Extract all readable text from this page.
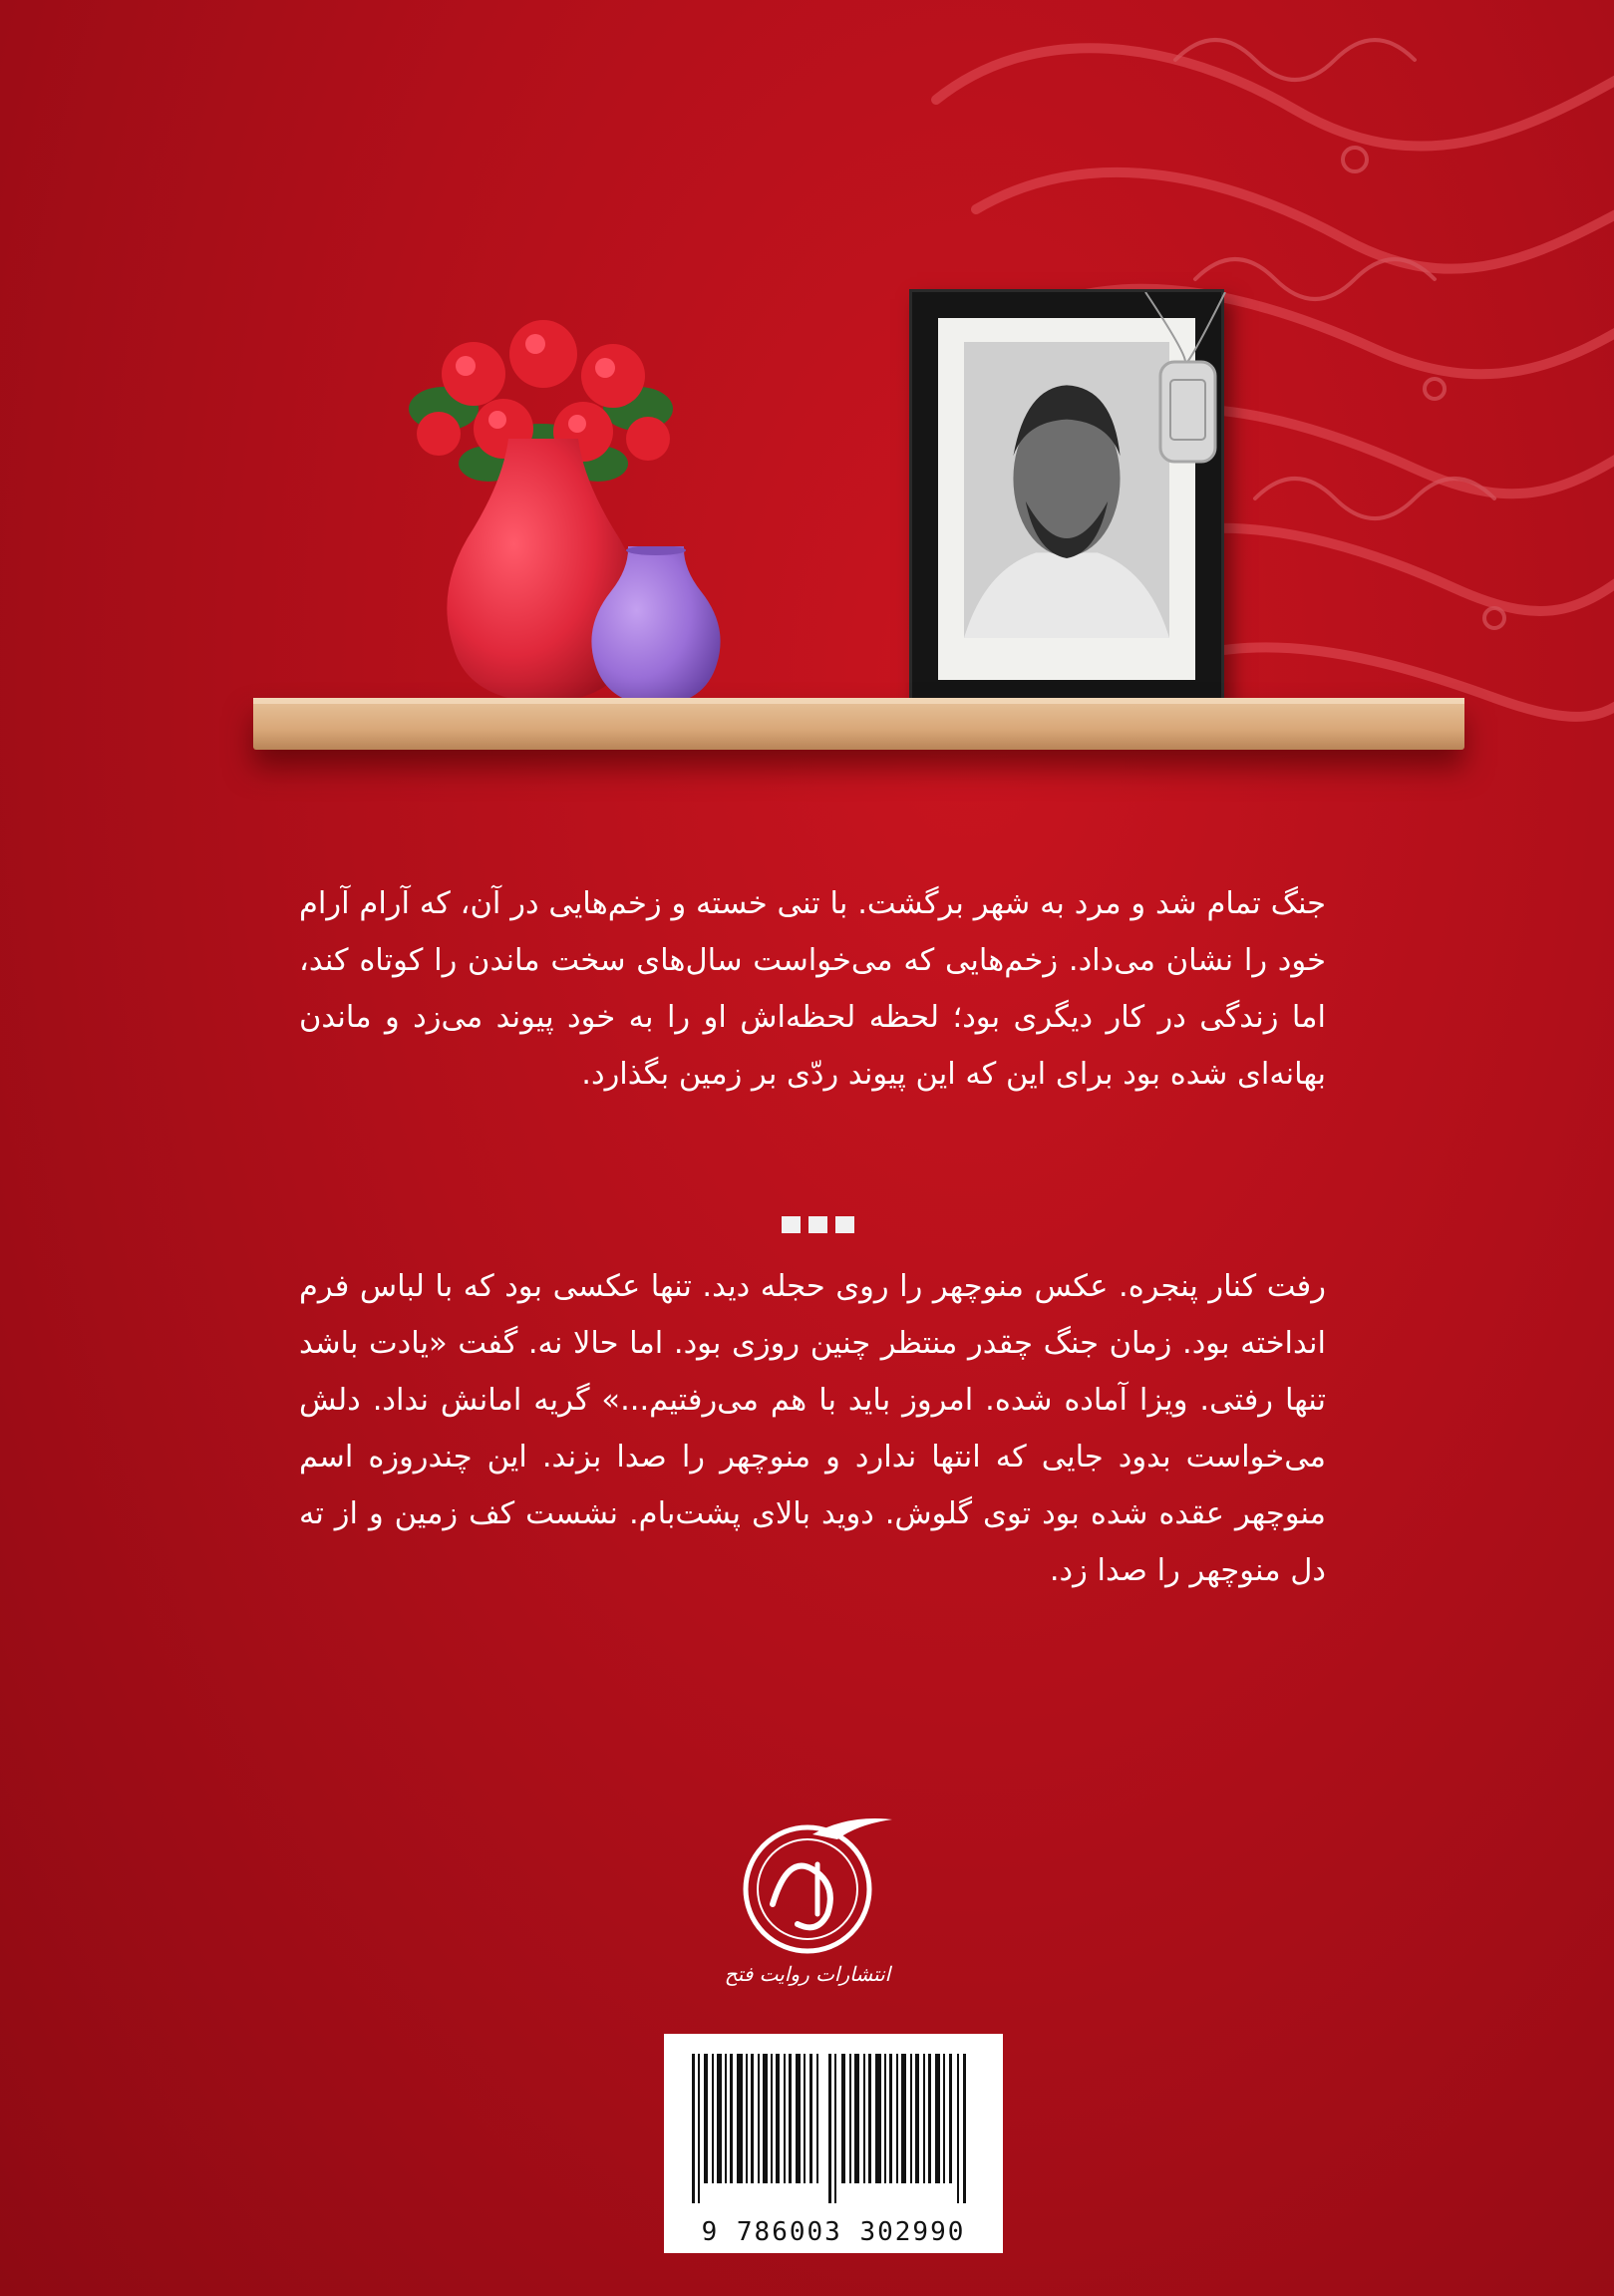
جنگ تمام شد و مرد به شهر برگشت. با تنی خسته و زخم‌هایی در آن، که آرام آرام خود را نشان می‌داد. زخم‌هایی که می‌خواست سال‌های سخت ماندن را کوتاه کند، اما زندگی در کار دیگری بود؛ لحظه لحظه‌اش او را به خود پیوند می‌زد و ماندن بهانه‌ای شده بود برای این که این پیوند ردّی بر زمین بگذارد.
رفت کنار پنجره. عکس منوچهر را روی حجله دید. تنها عکسی بود که با لباس فرم انداخته بود. زمان جنگ چقدر منتظر چنین روزی بود. اما حالا نه. گفت «یادت باشد تنها رفتی. ویزا آماده شده. امروز باید با هم می‌رفتیم...» گریه امانش نداد. دلش می‌خواست بدود جایی که انتها ندارد و منوچهر را صدا بزند. این چندروزه اسم منوچهر عقده شده بود توی گلوش. دوید بالای پشت‌بام. نشست کف زمین و از ته دل منوچهر را صدا زد.
انتشارات روایت فتح
9 786003 302990
